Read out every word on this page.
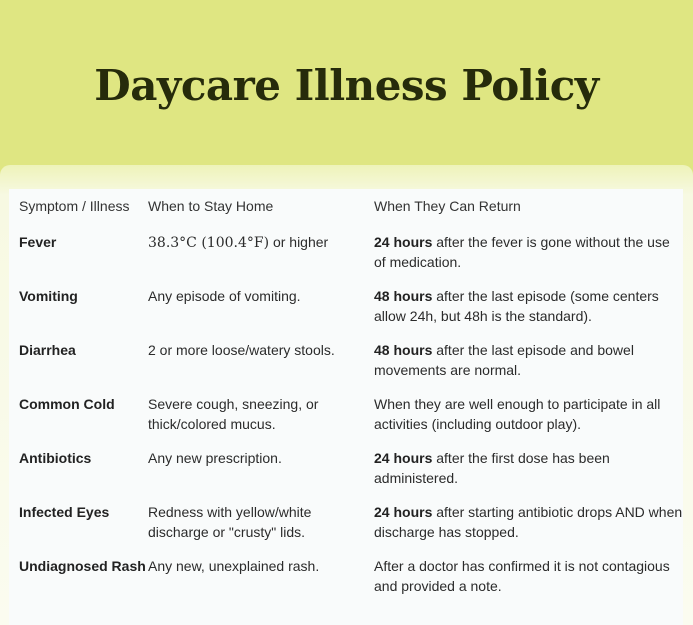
Daycare Illness Policy
Symptom / Illness	When to Stay Home	When They Can Return
Fever	38.3°C (100.4°F) or higher	24 hours after the fever is gone without the use of medication.
Vomiting	Any episode of vomiting.	48 hours after the last episode (some centers allow 24h, but 48h is the standard).
Diarrhea	2 or more loose/watery stools.	48 hours after the last episode and bowel movements are normal.
Common Cold	Severe cough, sneezing, or thick/colored mucus.	When they are well enough to participate in all activities (including outdoor play).
Antibiotics	Any new prescription.	24 hours after the first dose has been administered.
Infected Eyes	Redness with yellow/white discharge or "crusty" lids.	24 hours after starting antibiotic drops AND when discharge has stopped.
Undiagnosed Rash	Any new, unexplained rash.	After a doctor has confirmed it is not contagious and provided a note.
